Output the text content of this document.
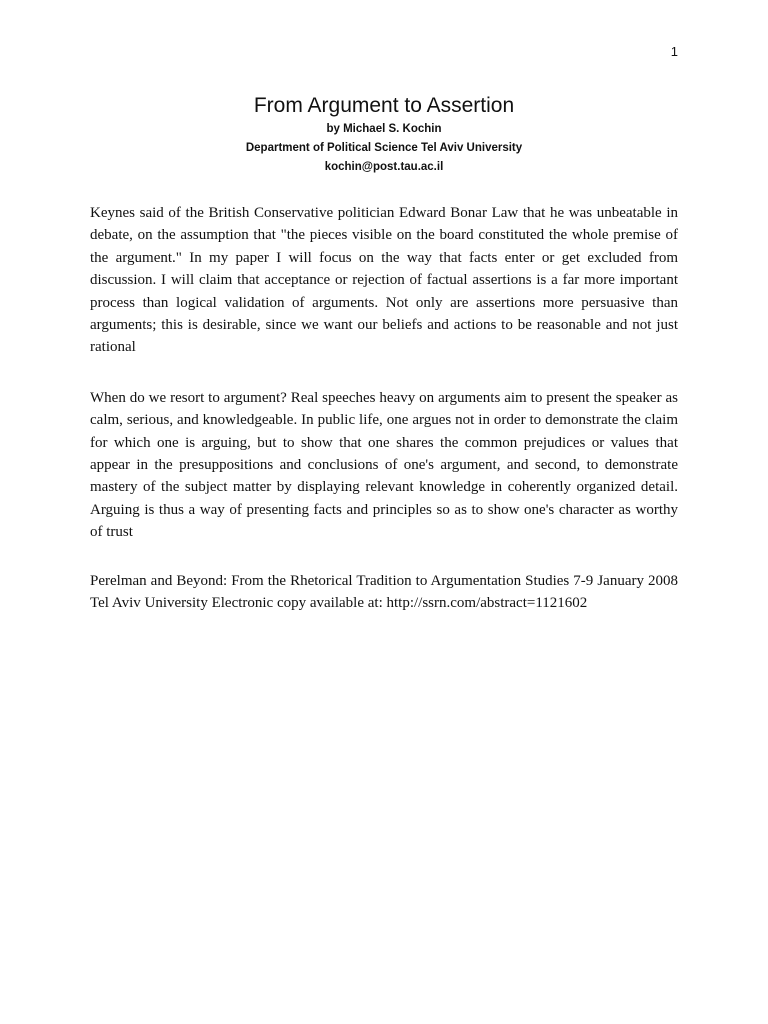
1
From Argument to Assertion
by Michael S. Kochin
Department of Political Science Tel Aviv University
kochin@post.tau.ac.il

Keynes said of the British Conservative politician Edward Bonar Law that he was unbeatable in debate, on the assumption that "the pieces visible on the board constituted the whole premise of the argument." In my paper I will focus on the way that facts enter or get excluded from discussion. I will claim that acceptance or rejection of factual assertions is a far more important process than logical validation of arguments. Not only are assertions more persuasive than arguments; this is desirable, since we want our beliefs and actions to be reasonable and not just rational

When do we resort to argument? Real speeches heavy on arguments aim to present the speaker as calm, serious, and knowledgeable. In public life, one argues not in order to demonstrate the claim for which one is arguing, but to show that one shares the common prejudices or values that appear in the presuppositions and conclusions of one's argument, and second, to demonstrate mastery of the subject matter by displaying relevant knowledge in coherently organized detail. Arguing is thus a way of presenting facts and principles so as to show one's character as worthy of trust

Perelman and Beyond: From the Rhetorical Tradition to Argumentation Studies 7-9 January 2008 Tel Aviv University Electronic copy available at: http://ssrn.com/abstract=1121602
